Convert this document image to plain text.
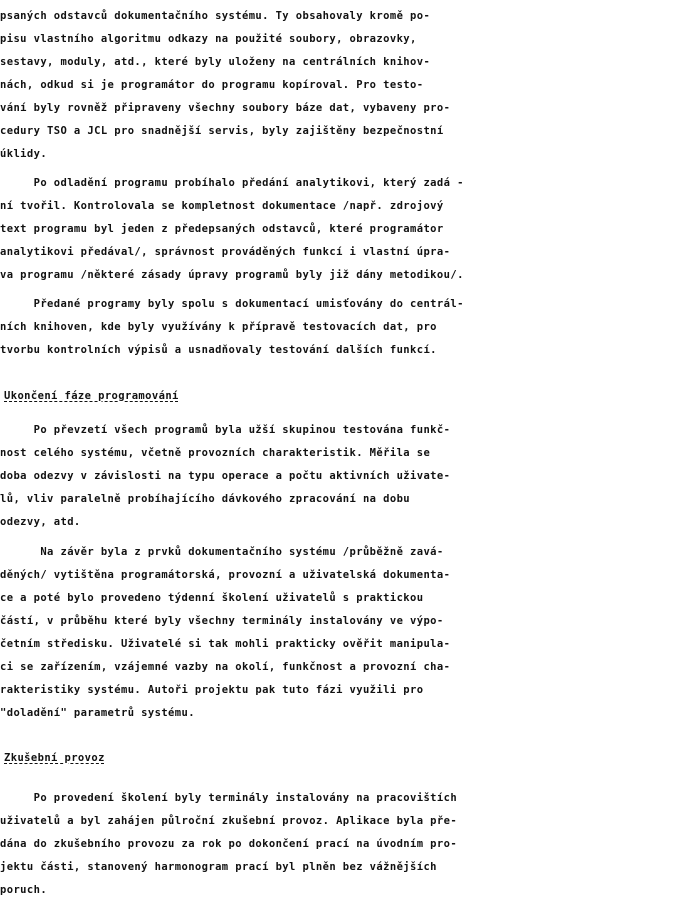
psaných odstavců dokumentačního systému. Ty obsahovaly kromě po-
pisu vlastního algoritmu odkazy na použité soubory, obrazovky,
sestavy, moduly, atd., které byly uloženy na centrálních knihov-
nách, odkud si je programátor do programu kopíroval. Pro testo-
vání byly rovněž připraveny všechny soubory báze dat, vybaveny pro-
cedury TSO a JCL pro snadnější servis, byly zajištěny bezpečnostní
úklidy.
Po odladění programu probíhalo předání analytikovi, který zadá -
ní tvořil. Kontrolovala se kompletnost dokumentace /např. zdrojový
text programu byl jeden z předepsaných odstavců, které programátor
analytikovi předával/, správnost prováděných funkcí i vlastní úpra-
va programu /některé zásady úpravy programů byly již dány metodikou/.
Předané programy byly spolu s dokumentací umisťovány do centrál-
ních knihoven, kde byly využívány k přípravě testovacích dat, pro
tvorbu kontrolních výpisů a usnadňovaly testování dalších funkcí.
Ukončení fáze programování
Po převzetí všech programů byla užší skupinou testována funkč-
nost celého systému, včetně provozních charakteristik. Měřila se
doba odezvy v závislosti na typu operace a počtu aktivních uživate-
lů, vliv paralelně probíhajícího dávkového zpracování na dobu
odezvy, atd.
Na závěr byla z prvků dokumentačního systému /průběžně zavá-
děných/ vytištěna programátorská, provozní a uživatelská dokumenta-
ce a poté bylo provedeno týdenní školení uživatelů s praktickou
částí, v průběhu které byly všechny terminály instalovány ve výpo-
četním středisku. Uživatelé si tak mohli prakticky ověřit manipula-
ci se zařízením, vzájemné vazby na okolí, funkčnost a provozní cha-
rakteristiky systému. Autoři projektu pak tuto fázi využili pro
"doladění" parametrů systému.
Zkušební provoz
Po provedení školení byly terminály instalovány na pracovištích
uživatelů a byl zahájen půlroční zkušební provoz. Aplikace byla pře-
dána do zkušebního provozu za rok po dokončení prací na úvodním pro-
jektu části, stanovený harmonogram prací byl plněn bez vážnějších
poruch.
